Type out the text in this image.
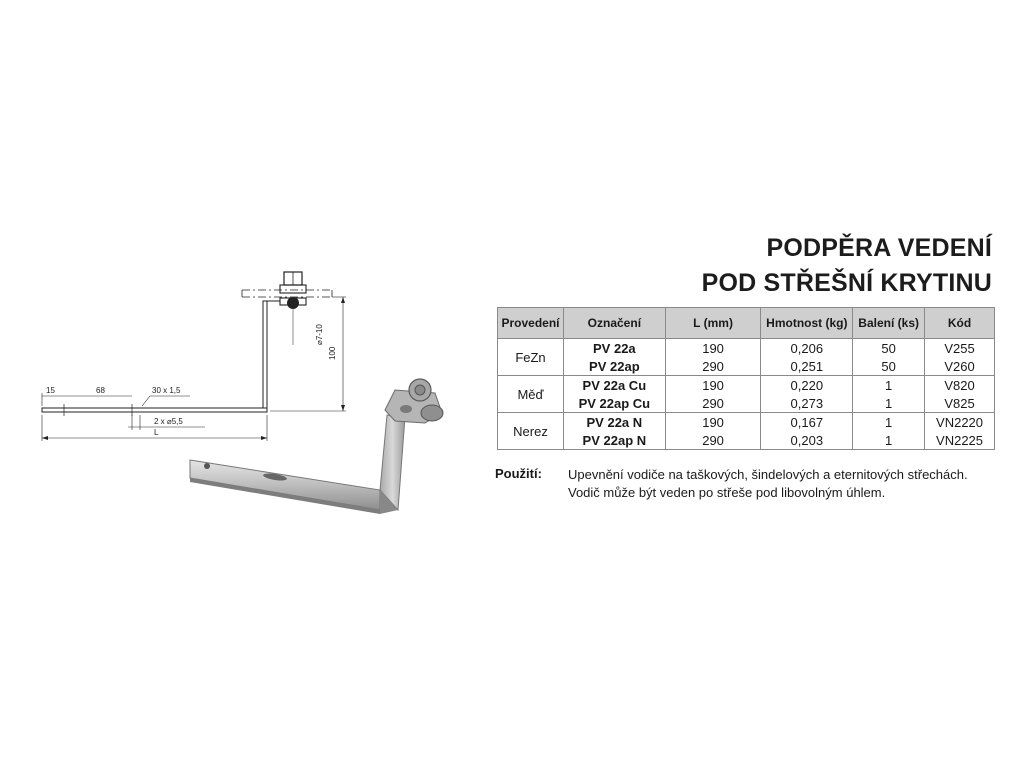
PODPĚRA VEDENÍ
POD STŘEŠNÍ KRYTINU
15	68	30 x 1,5
2 x ⌀5,5
L
100
⌀7-10
Provedení	Označení	L (mm)	Hmotnost (kg)	Balení (ks)	Kód
FeZn	PV 22a	190	0,206	50	V255
	PV 22ap	290	0,251	50	V260
Měď	PV 22a Cu	190	0,220	1	V820
	PV 22ap Cu	290	0,273	1	V825
Nerez	PV 22a N	190	0,167	1	VN2220
	PV 22ap N	290	0,203	1	VN2225
Použití: Upevnění vodiče na taškových, šindelových a eternitových střechách.
Vodič může být veden po střeše pod libovolným úhlem.
